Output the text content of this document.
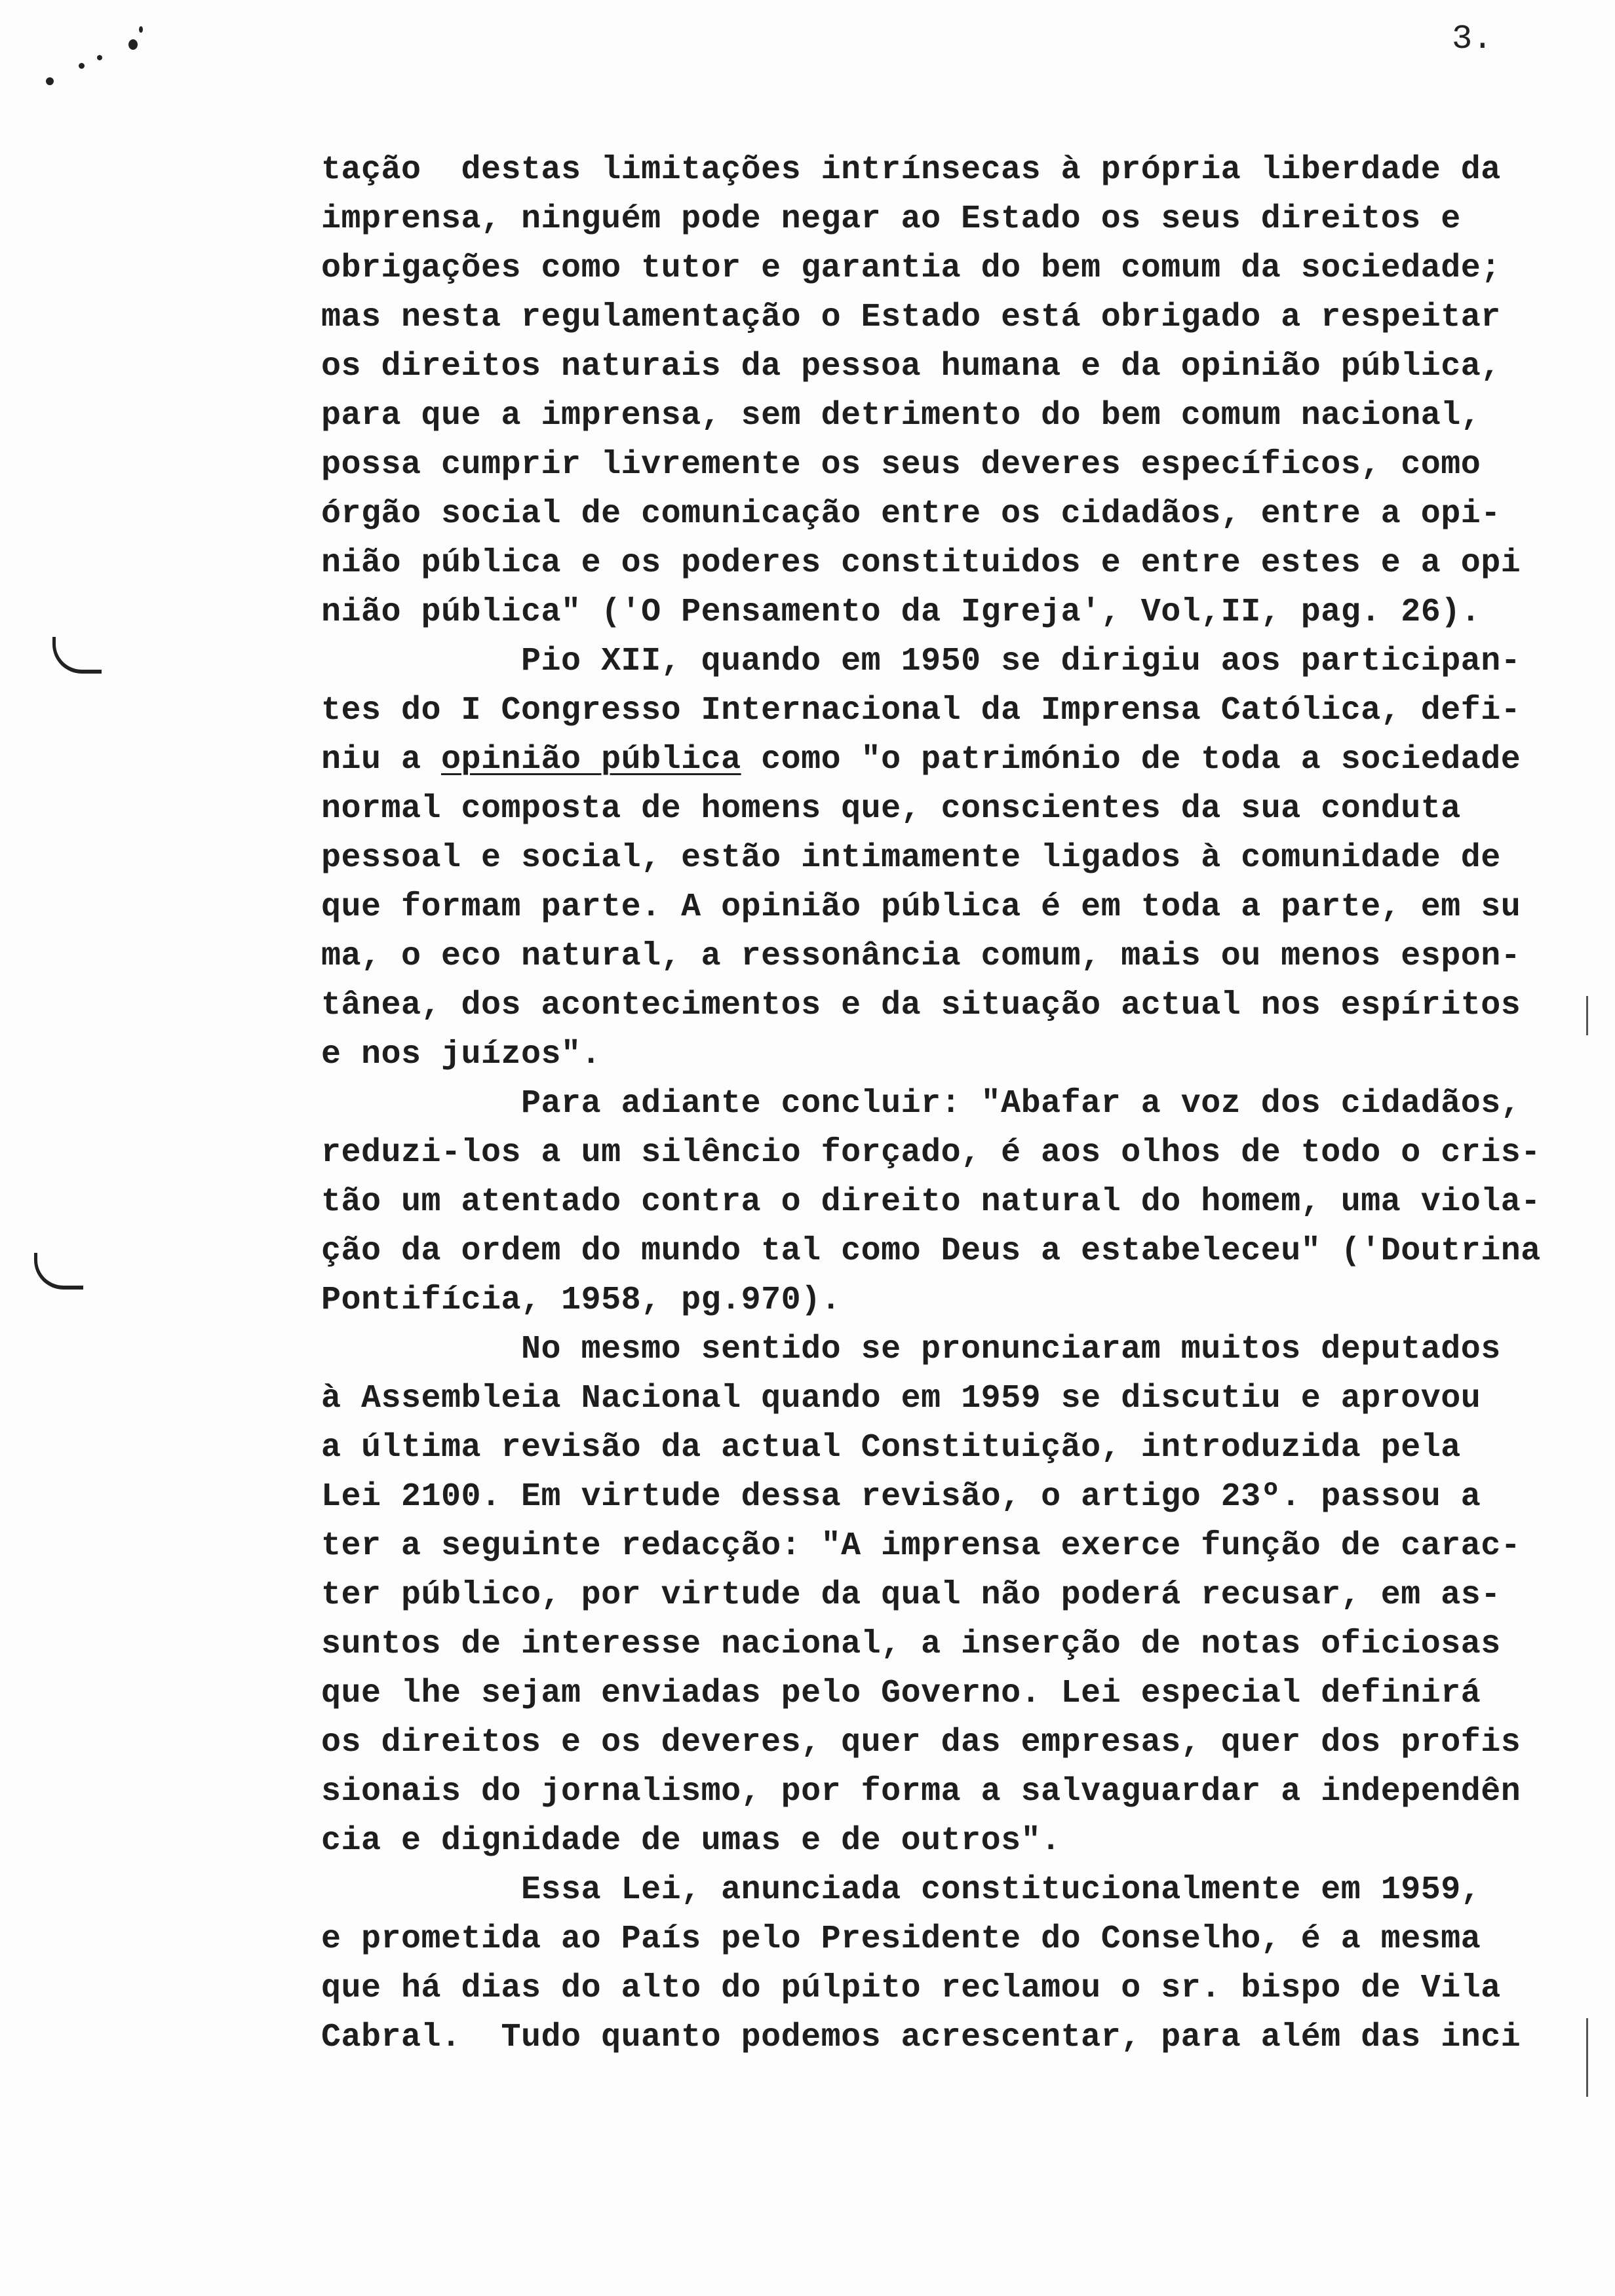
3.
tação  destas limitações intrínsecas à própria liberdade da
imprensa, ninguém pode negar ao Estado os seus direitos e
obrigações como tutor e garantia do bem comum da sociedade;
mas nesta regulamentação o Estado está obrigado a respeitar
os direitos naturais da pessoa humana e da opinião pública,
para que a imprensa, sem detrimento do bem comum nacional,
possa cumprir livremente os seus deveres específicos, como
órgão social de comunicação entre os cidadãos, entre a opi-
nião pública e os poderes constituidos e entre estes e a opi
nião pública" ('O Pensamento da Igreja', Vol,II, pag. 26).
Pio XII, quando em 1950 se dirigiu aos participan-
tes do I Congresso Internacional da Imprensa Católica, defi-
niu a opinião pública como "o património de toda a sociedade
normal composta de homens que, conscientes da sua conduta
pessoal e social, estão intimamente ligados à comunidade de
que formam parte. A opinião pública é em toda a parte, em su
ma, o eco natural, a ressonância comum, mais ou menos espon-
tânea, dos acontecimentos e da situação actual nos espíritos
e nos juízos".
Para adiante concluir: "Abafar a voz dos cidadãos,
reduzi-los a um silêncio forçado, é aos olhos de todo o cris-
tão um atentado contra o direito natural do homem, uma viola-
ção da ordem do mundo tal como Deus a estabeleceu" ('Doutrina
Pontifícia, 1958, pg.970).
No mesmo sentido se pronunciaram muitos deputados
à Assembleia Nacional quando em 1959 se discutiu e aprovou
a última revisão da actual Constituição, introduzida pela
Lei 2100. Em virtude dessa revisão, o artigo 23º. passou a
ter a seguinte redacção: "A imprensa exerce função de carac-
ter público, por virtude da qual não poderá recusar, em as-
suntos de interesse nacional, a inserção de notas oficiosas
que lhe sejam enviadas pelo Governo. Lei especial definirá
os direitos e os deveres, quer das empresas, quer dos profis
sionais do jornalismo, por forma a salvaguardar a independên
cia e dignidade de umas e de outros".
Essa Lei, anunciada constitucionalmente em 1959,
e prometida ao País pelo Presidente do Conselho, é a mesma
que há dias do alto do púlpito reclamou o sr. bispo de Vila
Cabral.  Tudo quanto podemos acrescentar, para além das inci
